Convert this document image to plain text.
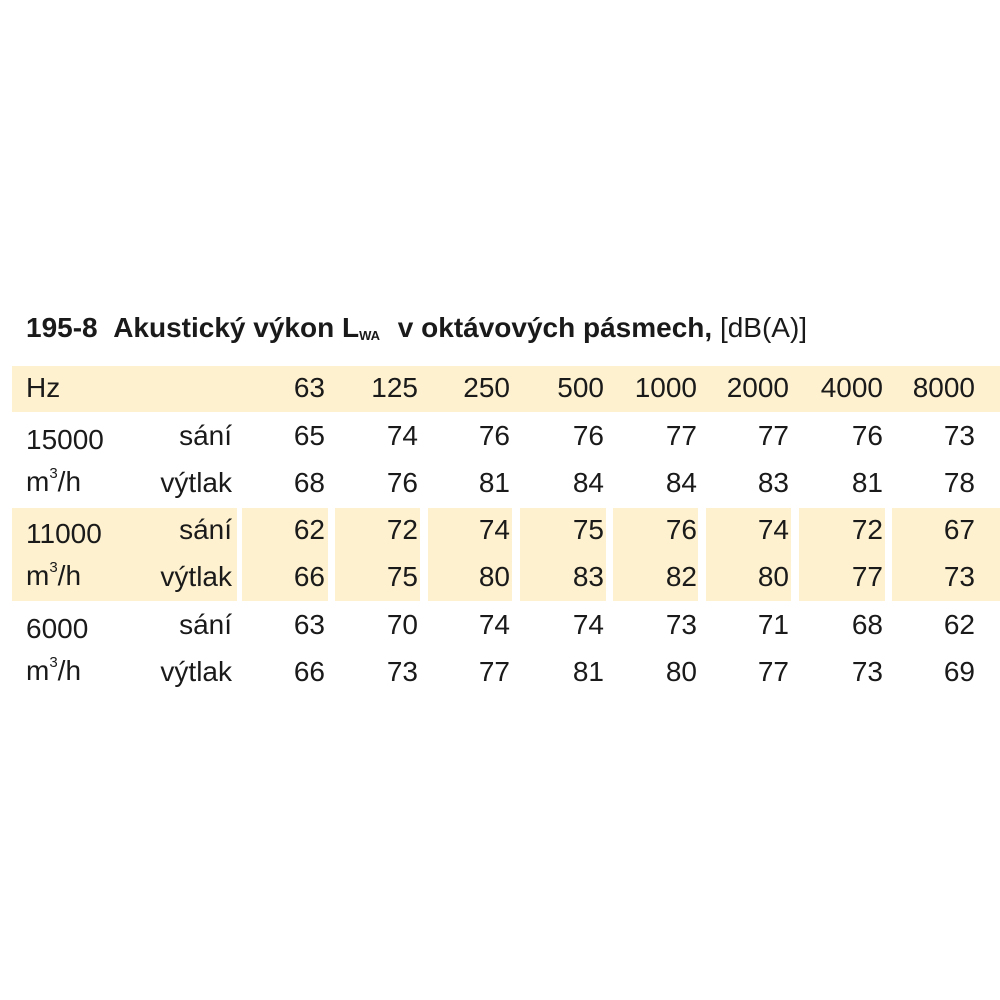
195-8 Akustický výkon $L_{WA}$ v oktávových pásmech, [dB(A)]
Hz	63 125 250 500 1000 2000 4000 8000
15000
$m^3/h$
sání 65 74 76 76 77 77 76 73
výtlak 68 76 81 84 84 83 81 78
11000
$m^3/h$
sání 62 72 74 75 76 74 72 67
výtlak 66 75 80 83 82 80 77 73
6000
$m^3/h$
sání 63 70 74 74 73 71 68 62
výtlak 66 73 77 81 80 77 73 69
